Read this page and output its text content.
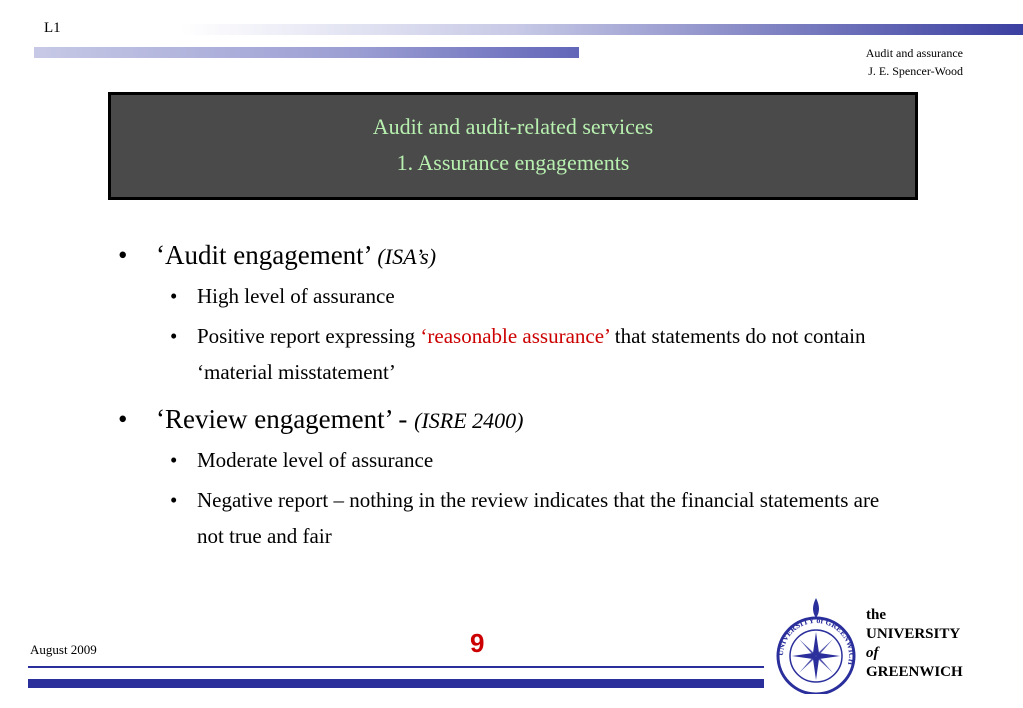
L1
Audit and assurance
J. E. Spencer-Wood
Audit and audit-related services
1. Assurance engagements
• ‘Audit engagement’ (ISA’s)
• High level of assurance
• Positive report expressing ‘reasonable assurance’ that statements do not contain ‘material misstatement’
• ‘Review engagement’ - (ISRE 2400)
• Moderate level of assurance
• Negative report – nothing in the review indicates that the financial statements are not true and fair
August 2009	9	UNIVERSITY of GREENWICH
the
UNIVERSITY
of
GREENWICH
